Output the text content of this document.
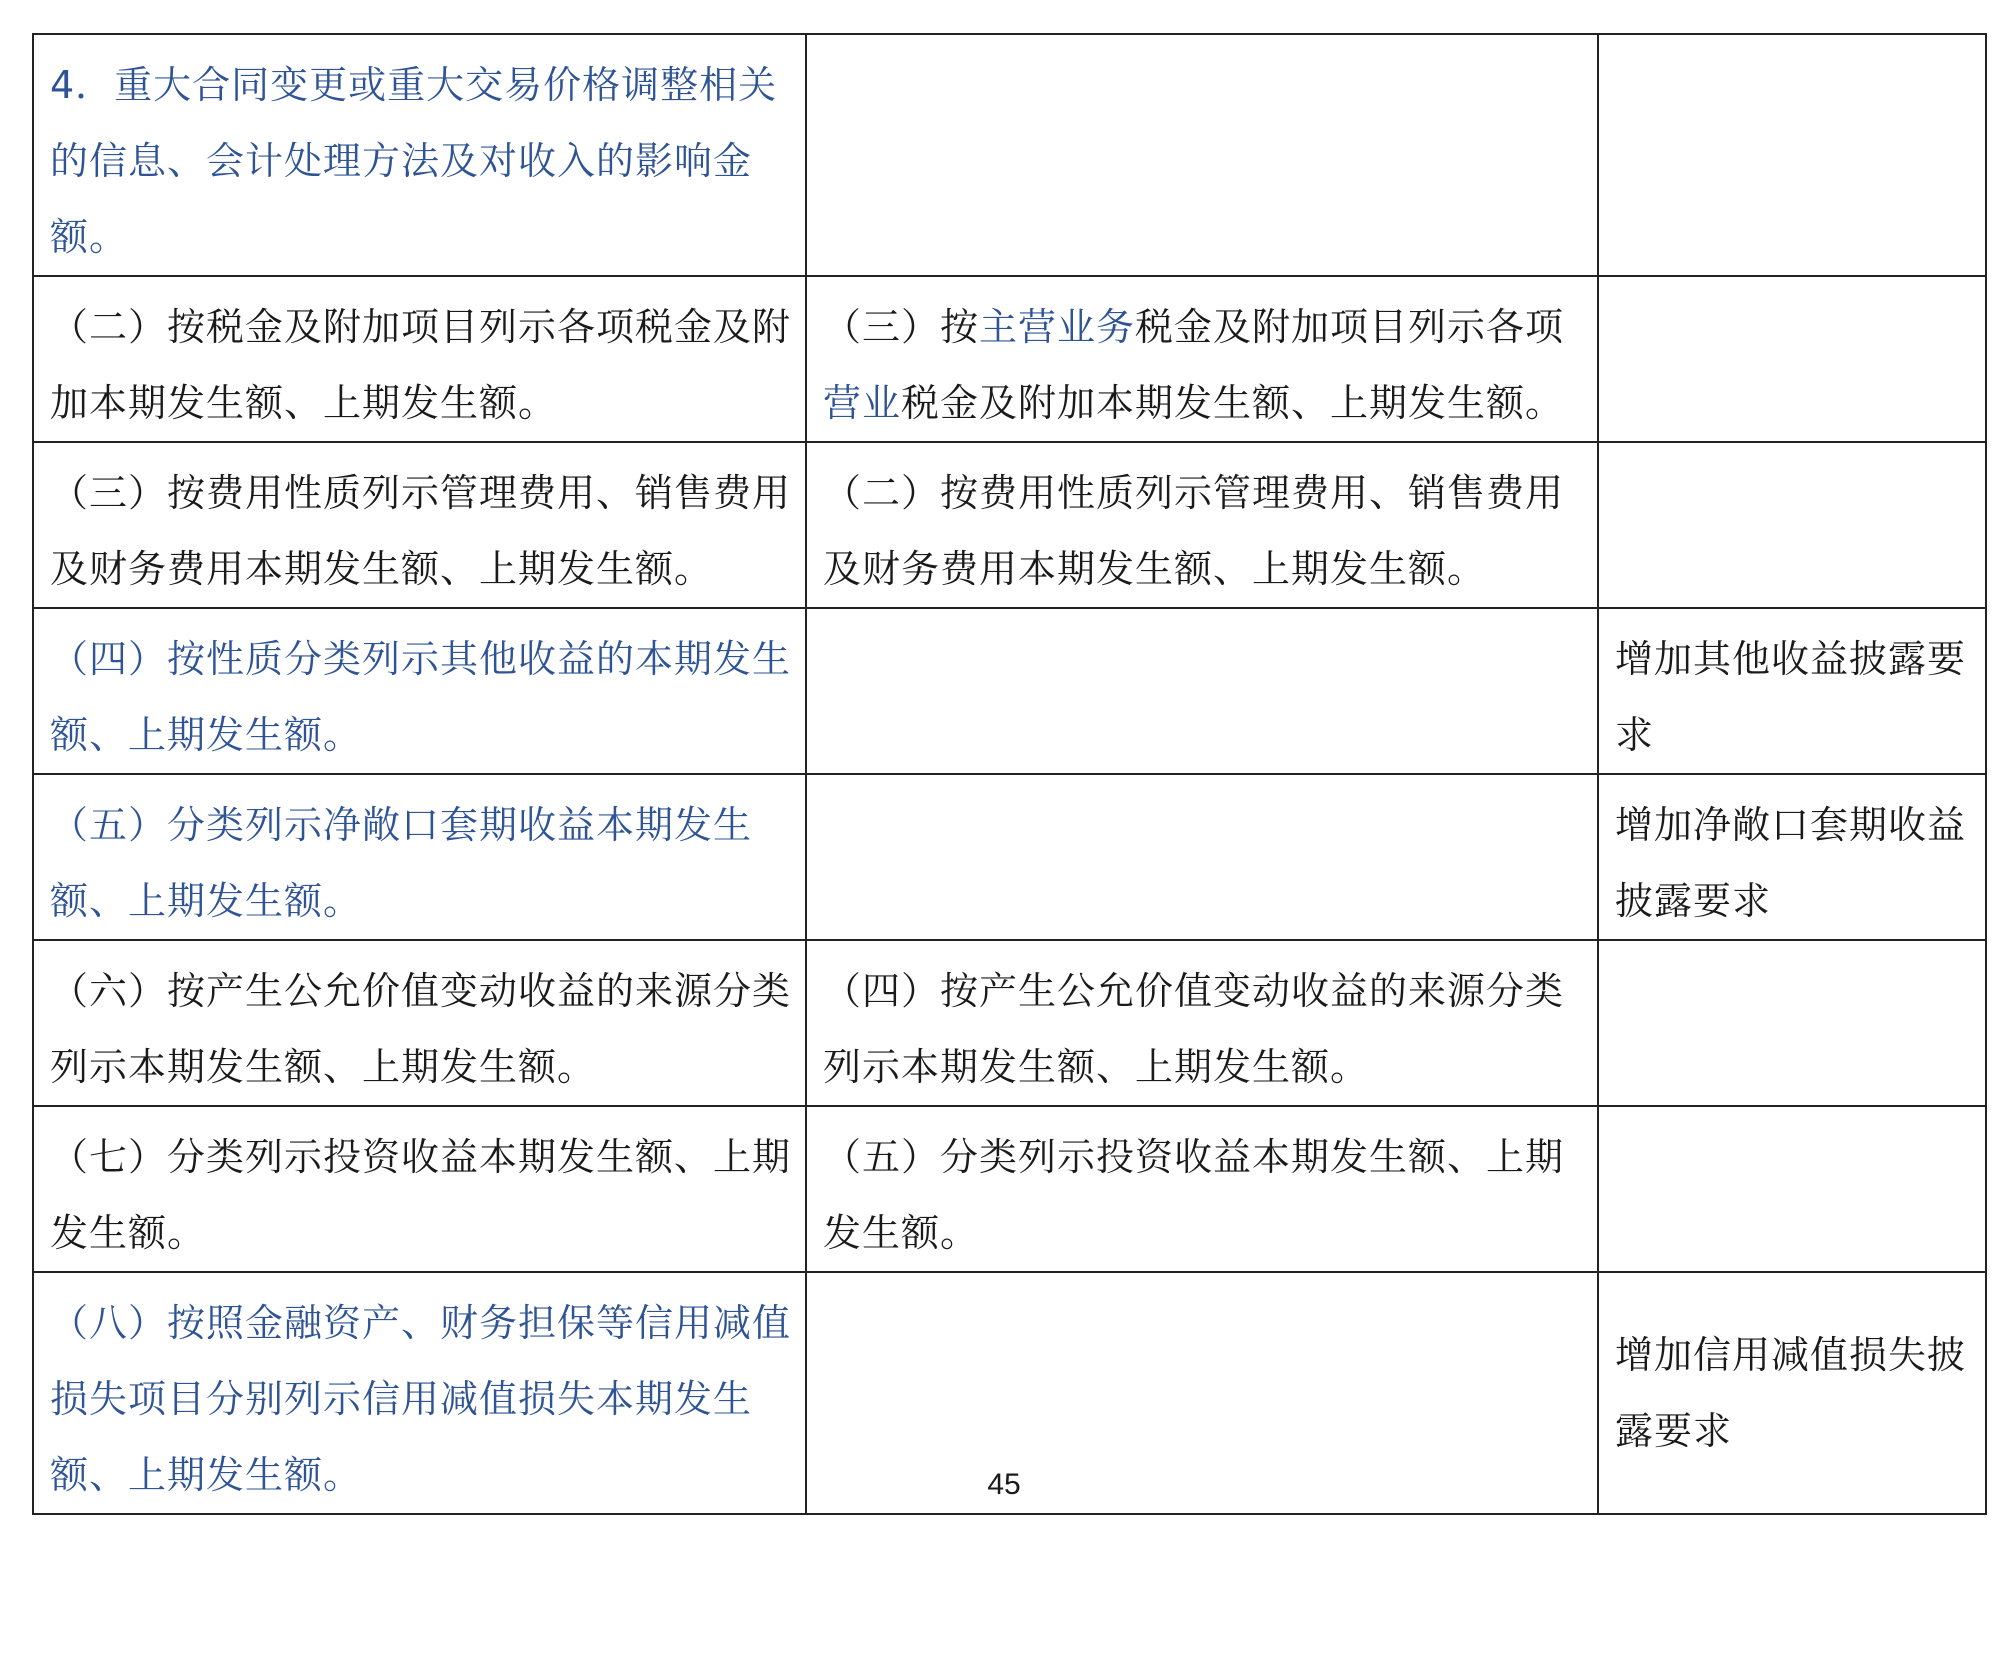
4．重大合同变更或重大交易价格调整相关的信息、会计处理方法及对收入的影响金额。		
（二）按税金及附加项目列示各项税金及附加本期发生额、上期发生额。	（三）按主营业务税金及附加项目列示各项营业税金及附加本期发生额、上期发生额。	
（三）按费用性质列示管理费用、销售费用及财务费用本期发生额、上期发生额。	（二）按费用性质列示管理费用、销售费用及财务费用本期发生额、上期发生额。	
（四）按性质分类列示其他收益的本期发生额、上期发生额。		增加其他收益披露要求
（五）分类列示净敞口套期收益本期发生额、上期发生额。		增加净敞口套期收益披露要求
（六）按产生公允价值变动收益的来源分类列示本期发生额、上期发生额。	（四）按产生公允价值变动收益的来源分类列示本期发生额、上期发生额。	
（七）分类列示投资收益本期发生额、上期发生额。	（五）分类列示投资收益本期发生额、上期发生额。	
（八）按照金融资产、财务担保等信用减值损失项目分别列示信用减值损失本期发生额、上期发生额。		增加信用减值损失披露要求
45
